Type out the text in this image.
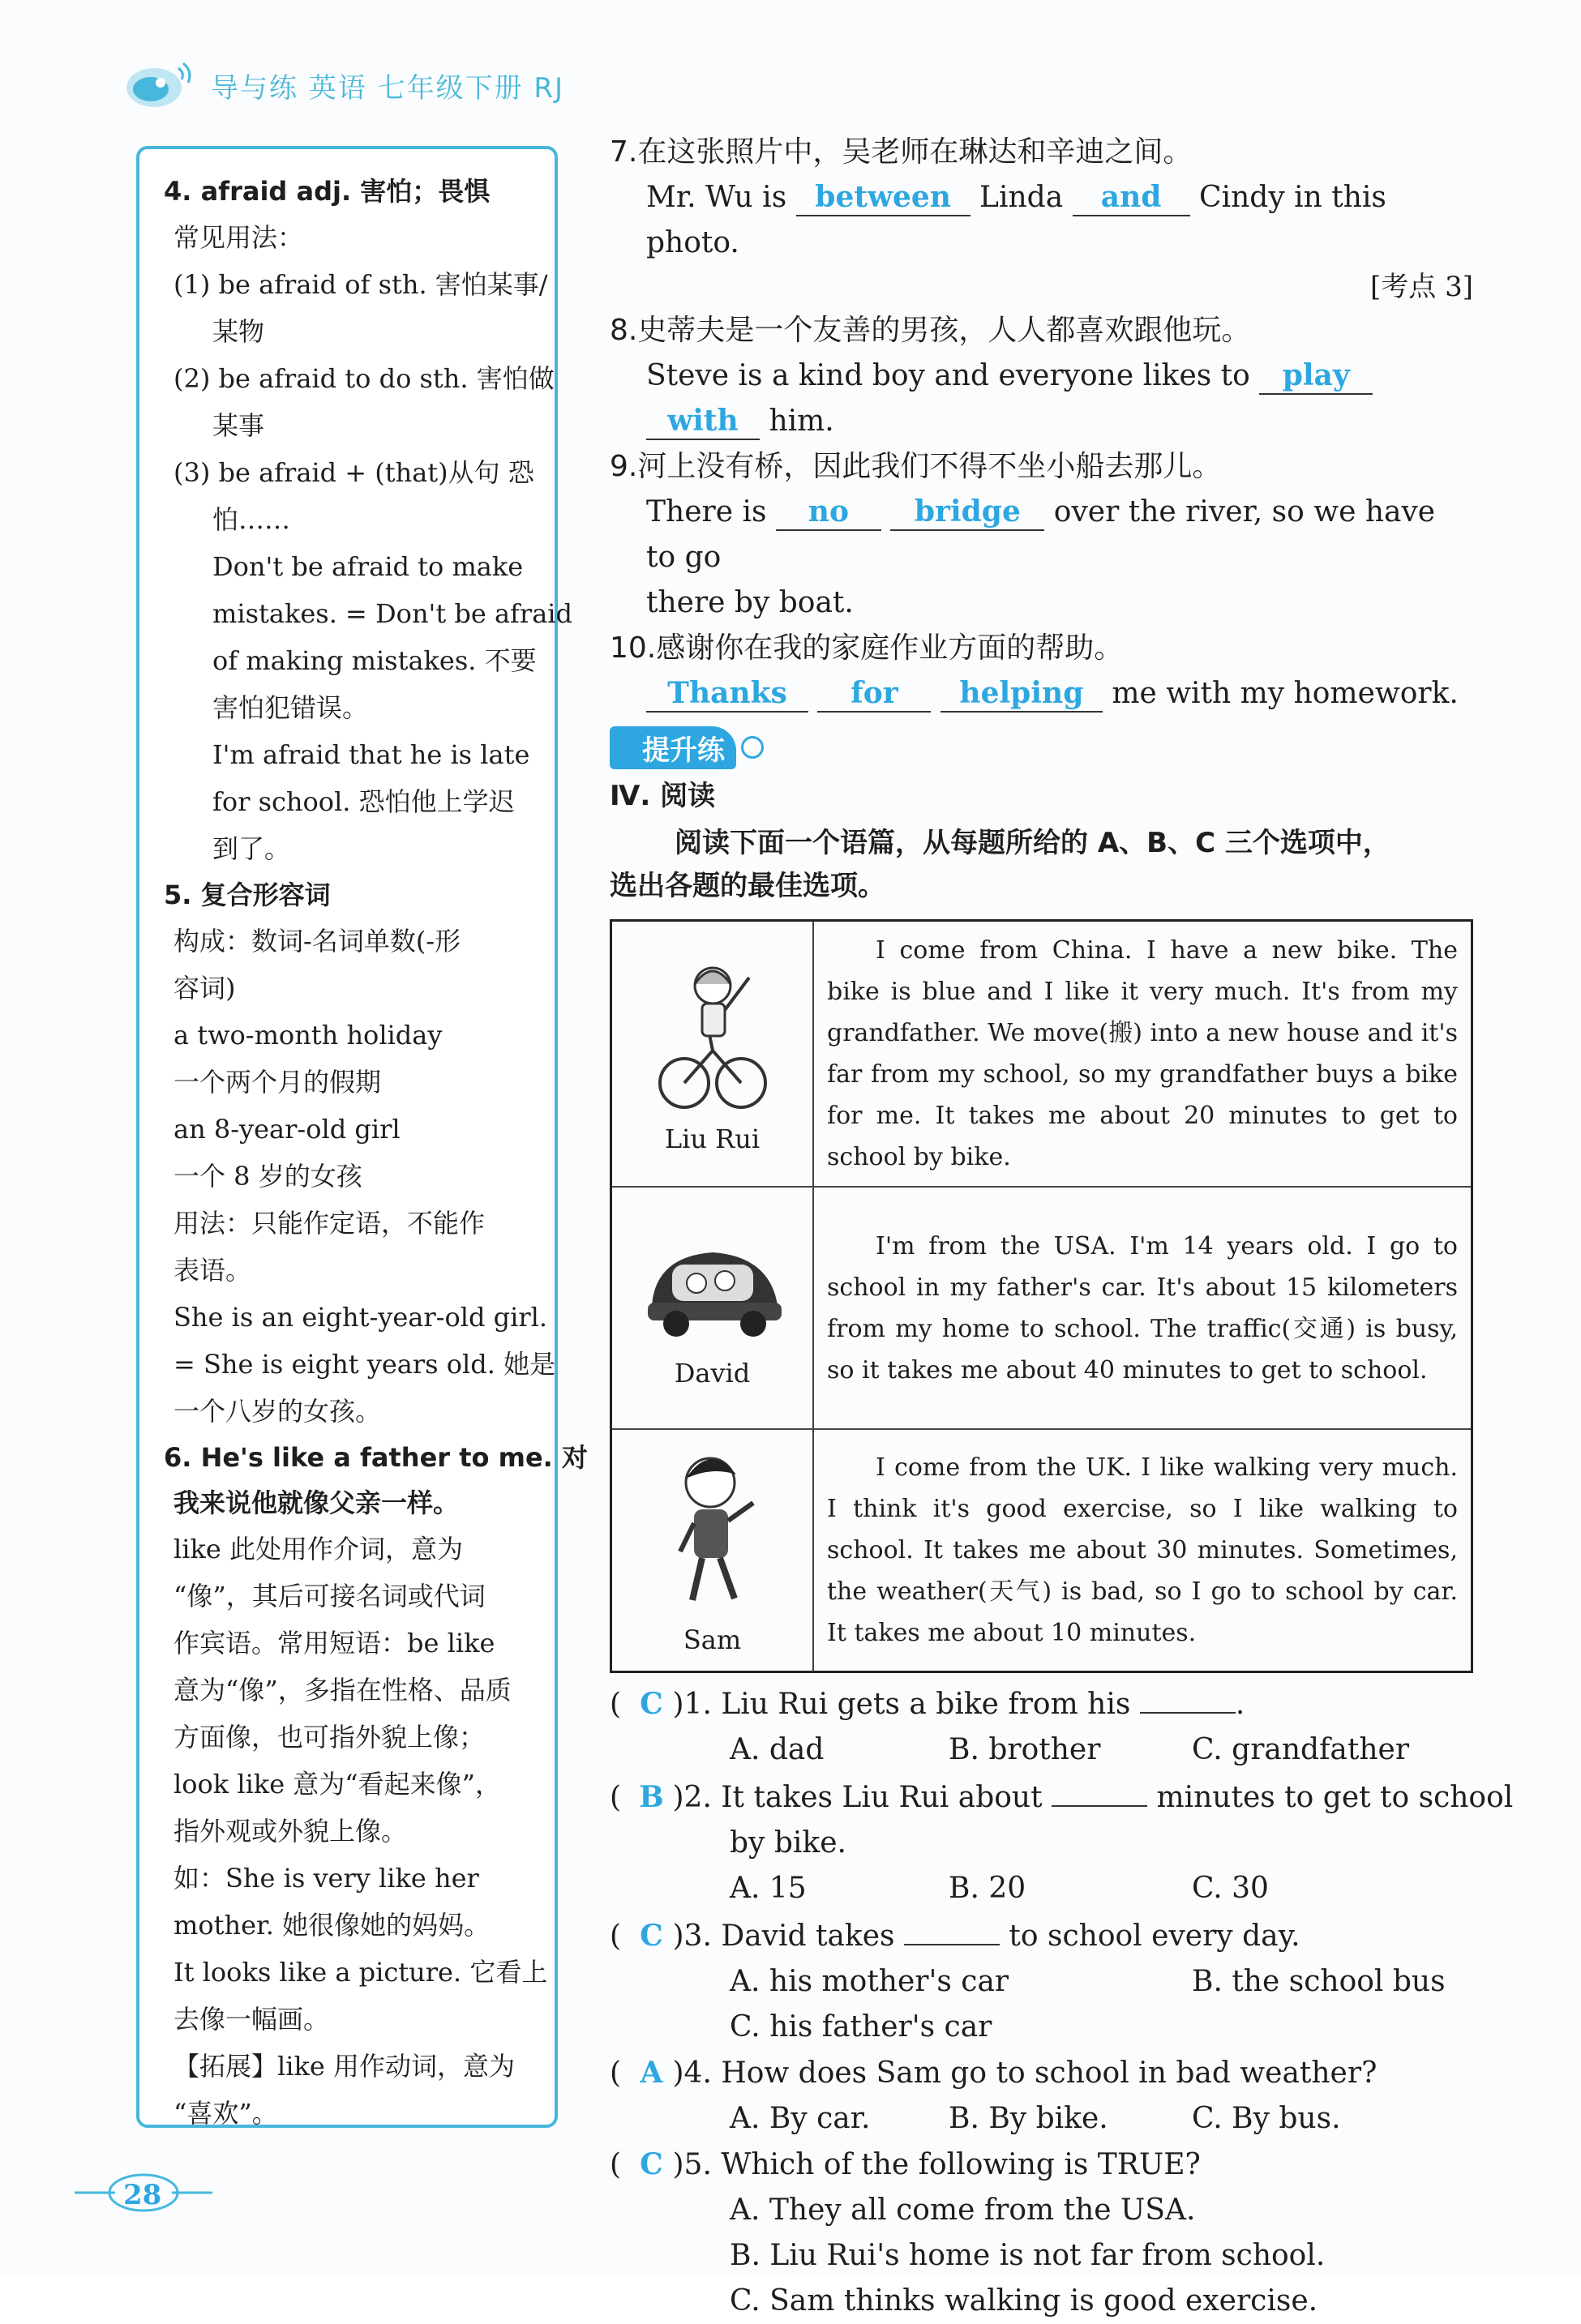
导与练 英语 七年级下册 RJ
4. afraid adj. 害怕；畏惧
常见用法：
(1) be afraid of sth. 害怕某事/
某物
(2) be afraid to do sth. 害怕做
某事
(3) be afraid + (that)从句 恐
怕……
Don't be afraid to make
mistakes. = Don't be afraid
of making mistakes. 不要
害怕犯错误。
I'm afraid that he is late
for school. 恐怕他上学迟
到了。
5. 复合形容词
构成：数词-名词单数(-形
容词)
a two-month holiday
一个两个月的假期
an 8-year-old girl
一个 8 岁的女孩
用法：只能作定语，不能作
表语。
She is an eight-year-old girl.
= She is eight years old. 她是
一个八岁的女孩。
6. He's like a father to me. 对
我来说他就像父亲一样。
like 此处用作介词，意为
“像”，其后可接名词或代词
作宾语。常用短语：be like
意为“像”，多指在性格、品质
方面像，也可指外貌上像；
look like 意为“看起来像”，
指外观或外貌上像。
如：She is very like her
mother. 她很像她的妈妈。
It looks like a picture. 它看上
去像一幅画。
【拓展】like 用作动词，意为
“喜欢”。
7.在这张照片中，吴老师在琳达和辛迪之间。
Mr. Wu is between Linda and Cindy in this photo.
[考点 3]
8.史蒂夫是一个友善的男孩，人人都喜欢跟他玩。
Steve is a kind boy and everyone likes to play with him.
9.河上没有桥，因此我们不得不坐小船去那儿。
There is no bridge over the river, so we have to go
there by boat.
10.感谢你在我的家庭作业方面的帮助。
Thanks for helping me with my homework.
提升练
Ⅳ. 阅读
阅读下面一个语篇，从每题所给的 A、B、C 三个选项中，
选出各题的最佳选项。
Liu Rui	I come from China. I have a new bike. The bike is blue and I like it very much. It's from my grandfather. We move(搬) into a new house and it's far from my school, so my grandfather buys a bike for me. It takes me about 20 minutes to get to school by bike.

David	I'm from the USA. I'm 14 years old. I go to school in my father's car. It's about 15 kilometers from my home to school. The traffic(交通) is busy, so it takes me about 40 minutes to get to school.

Sam	I come from the UK. I like walking very much. I think it's good exercise, so I like walking to school. It takes me about 30 minutes. Sometimes, the weather(天气) is bad, so I go to school by car. It takes me about 10 minutes.
( C )1. Liu Rui gets a bike from his	.
A. dad	B. brother	C. grandfather
( B )2. It takes Liu Rui about	minutes to get to school
by bike.
A. 15	B. 20	C. 30
( C )3. David takes	to school every day.
A. his mother's car	B. the school bus
C. his father's car
( A )4. How does Sam go to school in bad weather?
A. By car.	B. By bike.	C. By bus.
( C )5. Which of the following is TRUE?
A. They all come from the USA.
B. Liu Rui's home is not far from school.
C. Sam thinks walking is good exercise.
28
